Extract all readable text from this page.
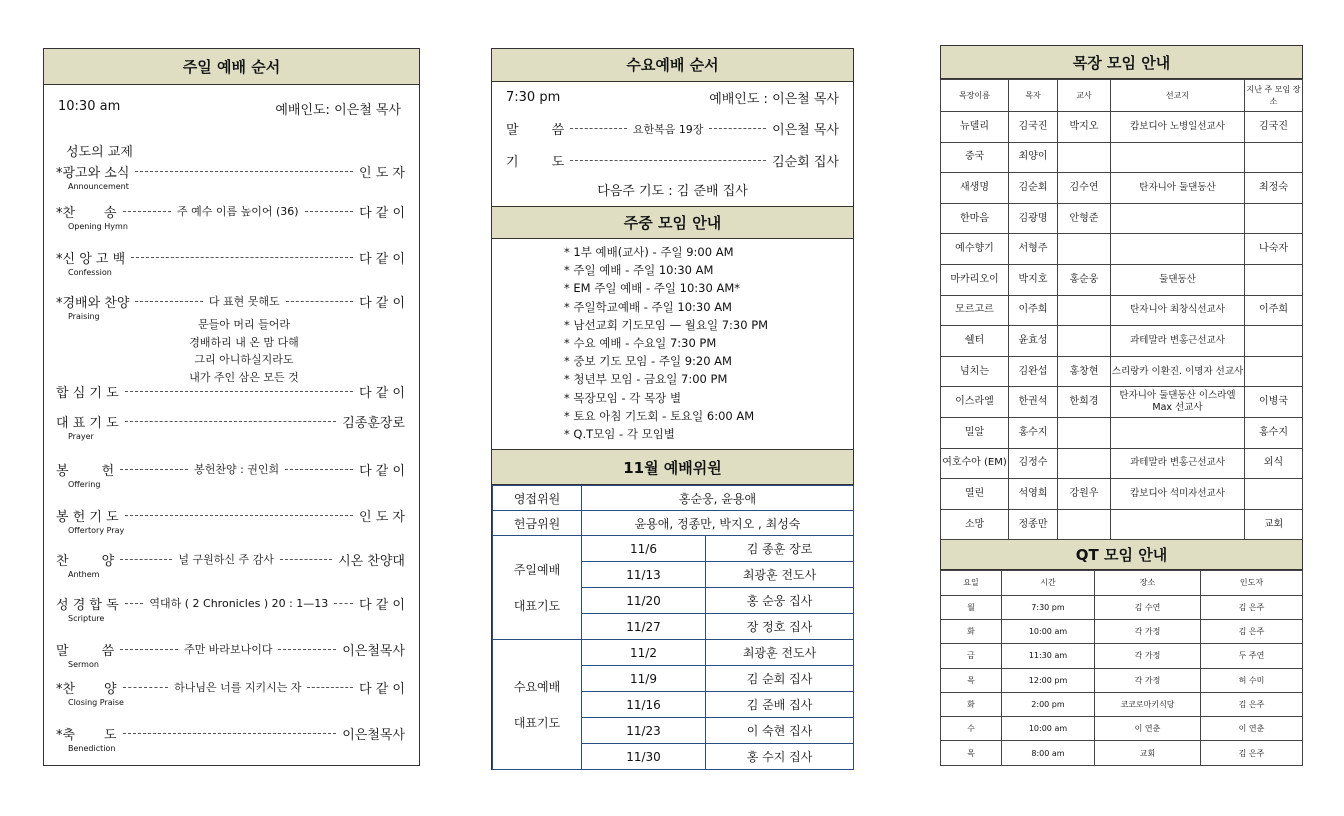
주일 예배 순서
10:30 am	예배인도: 이은철 목사
성도의 교제
*광고와 소식	인 도 자
Announcement
*찬       송	주 예수 이름 높이어 (36)	다 같 이
Opening Hymn
*신 앙 고 백	다 같 이
Confession
*경배와 찬양	다 표현 못해도	다 같 이
Praising
합 심 기 도	다 같 이
대 표 기 도	김종훈장로
Prayer
봉        헌	봉헌찬양 : 권인희	다 같 이
Offering
봉 헌 기 도	인 도 자
Offertory Pray
찬        양	널 구원하신 주 감사	시온 찬양대
Anthem
성 경 합 독	역대하 ( 2 Chronicles ) 20 : 1—13 다 같 이
Scripture
말        씀	주만 바라보나이다	이은철목사
Sermon
*찬       양	하나님은 너를 지키시는 자	다 같 이
Closing Praise
*축       도	이은철목사
Benediction
문들아 머리 들어라
경배하리 내 온 맘 다해
그리 아니하실지라도
내가 주인 삼은 모든 것
수요예배 순서
7:30 pm	예배인도 : 이은철 목사
말        씀	요한복음 19장	이은철 목사
기        도	김순회 집사
다음주 기도 : 김 준배 집사
주중 모임 안내
* 1부 예배(교사) - 주일 9:00 AM
* 주일 예배 - 주일 10:30 AM
* EM 주일 예배 - 주일 10:30 AM*
* 주일학교예배 - 주일 10:30 AM
* 남선교회 기도모임 — 월요일 7:30 PM
* 수요 예배 - 수요일 7:30 PM
* 중보 기도 모임 - 주일 9:20 AM
* 청년부 모임 - 금요일 7:00 PM
* 목장모임 - 각 목장 별
* 토요 아침 기도회 - 토요일 6:00 AM
* Q.T모임 - 각 모임별
11월 예배위원
영접위원	홍순웅, 윤용애	
헌금위원	윤용애, 정종만, 박지오 , 최성숙	

주일예배
대표기도	11/6	김 종훈 장로
	11/13	최광훈 전도사
	11/20	홍 순웅 집사
	11/27	장 정호 집사

수요예배
대표기도	11/2	최광훈 전도사
	11/9	김 순회 집사
	11/16	김 준배 집사
	11/23	이 숙현 집사
	11/30	홍 수지 집사
목장 모임 안내
목장이름	목자	교사	선교지	지난 주 모임 장소
뉴델리	김국진	박지오	캄보디아 노병일선교사	김국진
중국	최양이			
새생명	김순회	김수연	탄자니아 둘댄동산	최정숙
한마음	김광명	안형준		
예수향기	서형주			나숙자
마카리오이	박지호	홍순웅	둘댄동산	
모르고르	이주희		탄자니아 최창식선교사	이주희
쉘터	윤효성		과테말라 변홍근선교사	
넘치는	김완섭	홍창현	스리랑카 이환진. 이명자 선교사	
이스라엘	한권석	한희경	탄자니아 둘댄동산 이스라엘 Max 선교사	이병국
밀알	홍수지			홍수지
여호수아 (EM)	김정수		과테말라 변홍근선교사	외식
열린	석영희	강원우	캄보디아 석미자선교사	
소망	정종만			교회
QT 모임 안내
요일	시간	장소	인도자
월	7:30 pm	김 수연	김 은주
화	10:00 am	각 가정	김 은주
금	11:30 am	각 가정	두 주연
목	12:00 pm	각 가정	허 수미
화	2:00 pm	코코로마키식당	김 은주
수	10:00 am	이 연춘	이 연춘
목	8:00 am	교회	김 은주
